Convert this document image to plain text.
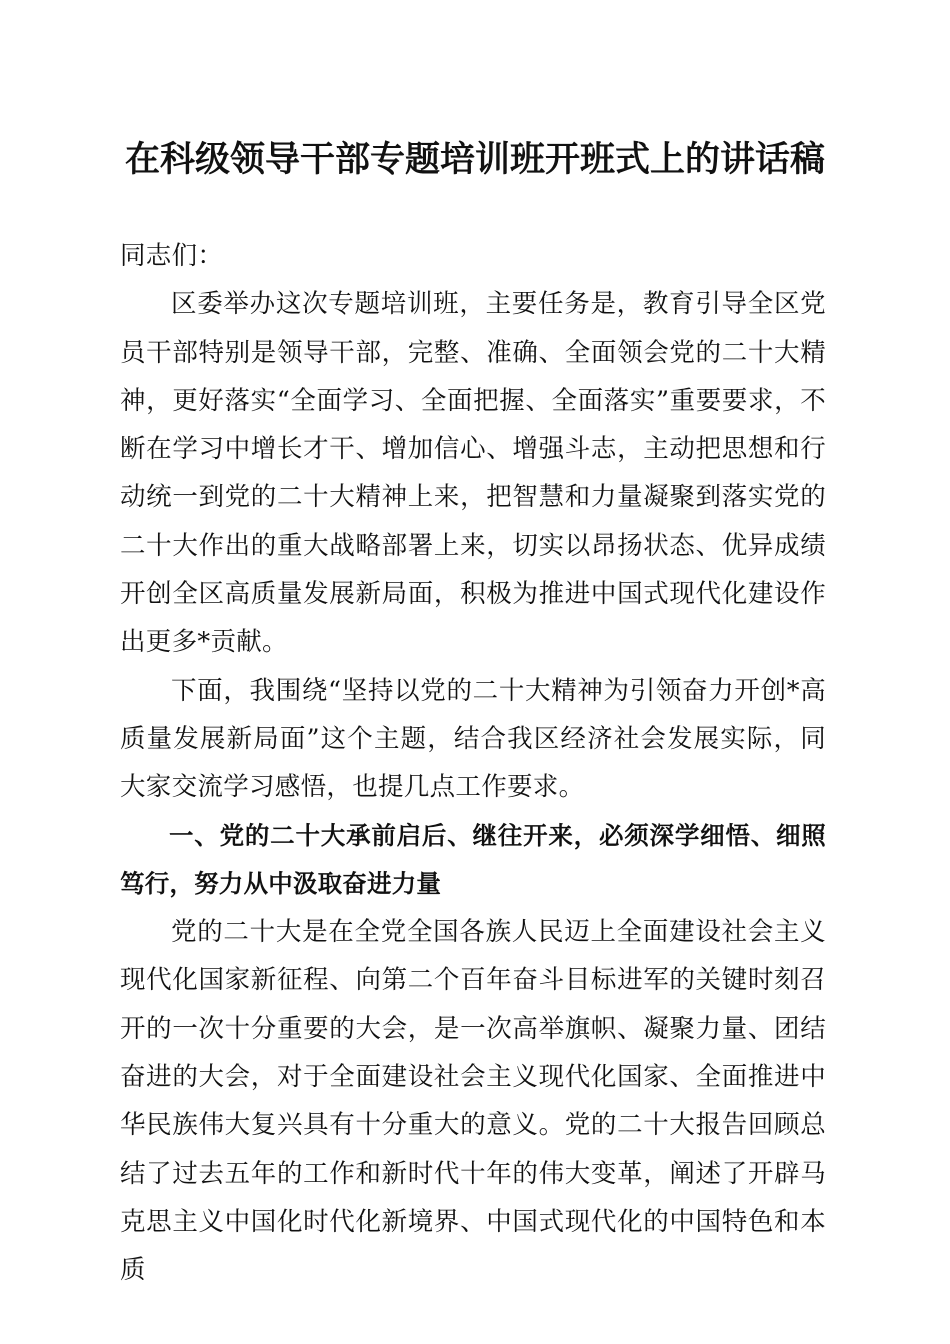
在科级领导干部专题培训班开班式上的讲话稿

同志们：

区委举办这次专题培训班，主要任务是，教育引导全区党员干部特别是领导干部，完整、准确、全面领会党的二十大精神，更好落实“全面学习、全面把握、全面落实”重要要求，不断在学习中增长才干、增加信心、增强斗志，主动把思想和行动统一到党的二十大精神上来，把智慧和力量凝聚到落实党的二十大作出的重大战略部署上来，切实以昂扬状态、优异成绩开创全区高质量发展新局面，积极为推进中国式现代化建设作出更多*贡献。

下面，我围绕“坚持以党的二十大精神为引领奋力开创*高质量发展新局面”这个主题，结合我区经济社会发展实际，同大家交流学习感悟，也提几点工作要求。

一、党的二十大承前启后、继往开来，必须深学细悟、细照笃行，努力从中汲取奋进力量

党的二十大是在全党全国各族人民迈上全面建设社会主义现代化国家新征程、向第二个百年奋斗目标进军的关键时刻召开的一次十分重要的大会，是一次高举旗帜、凝聚力量、团结奋进的大会，对于全面建设社会主义现代化国家、全面推进中华民族伟大复兴具有十分重大的意义。党的二十大报告回顾总结了过去五年的工作和新时代十年的伟大变革，阐述了开辟马克思主义中国化时代化新境界、中国式现代化的中国特色和本质
